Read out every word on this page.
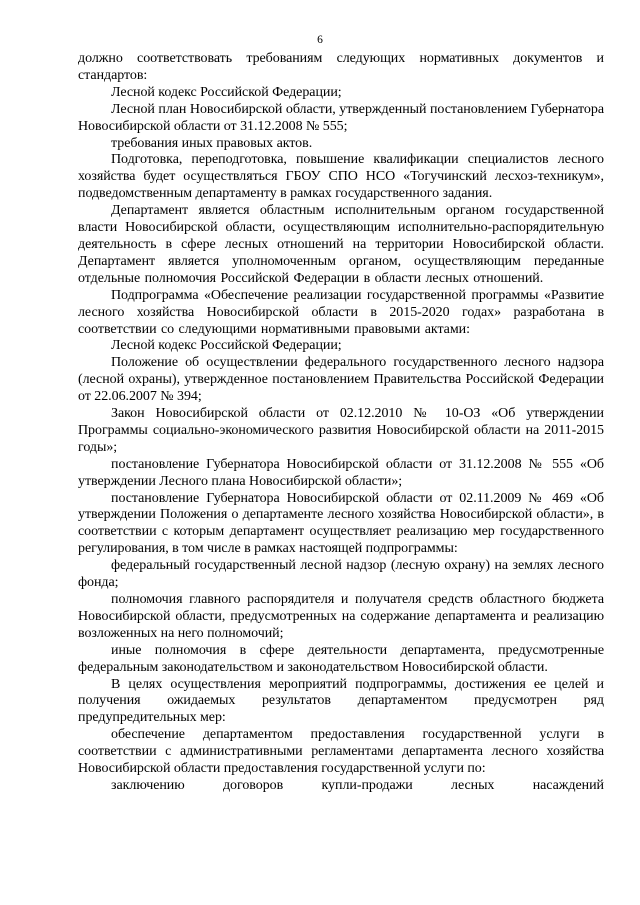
6

должно соответствовать требованиям следующих нормативных документов и стандартов:

Лесной кодекс Российской Федерации;

Лесной план Новосибирской области, утвержденный постановлением Губернатора Новосибирской области от 31.12.2008 № 555;

требования иных правовых актов.

Подготовка, переподготовка, повышение квалификации специалистов лесного хозяйства будет осуществляться ГБОУ СПО НСО «Тогучинский лесхоз-техникум», подведомственным департаменту в рамках государственного задания.

Департамент является областным исполнительным органом государственной власти Новосибирской области, осуществляющим исполнительно-распорядительную деятельность в сфере лесных отношений на территории Новосибирской области. Департамент является уполномоченным органом, осуществляющим переданные отдельные полномочия Российской Федерации в области лесных отношений.

Подпрограмма «Обеспечение реализации государственной программы «Развитие лесного хозяйства Новосибирской области в 2015-2020 годах» разработана в соответствии со следующими нормативными правовыми актами:

Лесной кодекс Российской Федерации;

Положение об осуществлении федерального государственного лесного надзора (лесной охраны), утвержденное постановлением Правительства Российской Федерации от 22.06.2007 № 394;

Закон Новосибирской области от 02.12.2010 № 10-ОЗ «Об утверждении Программы социально-экономического развития Новосибирской области на 2011-2015 годы»;

постановление Губернатора Новосибирской области от 31.12.2008 № 555 «Об утверждении Лесного плана Новосибирской области»;

постановление Губернатора Новосибирской области от 02.11.2009 № 469 «Об утверждении Положения о департаменте лесного хозяйства Новосибирской области», в соответствии с которым департамент осуществляет реализацию мер государственного регулирования, в том числе в рамках настоящей подпрограммы:

федеральный государственный лесной надзор (лесную охрану) на землях лесного фонда;

полномочия главного распорядителя и получателя средств областного бюджета Новосибирской области, предусмотренных на содержание департамента и реализацию возложенных на него полномочий;

иные полномочия в сфере деятельности департамента, предусмотренные федеральным законодательством и законодательством Новосибирской области.

В целях осуществления мероприятий подпрограммы, достижения ее целей и получения ожидаемых результатов департаментом предусмотрен ряд предупредительных мер:

обеспечение департаментом предоставления государственной услуги в соответствии с административными регламентами департамента лесного хозяйства Новосибирской области предоставления государственной услуги по:

заключению договоров купли-продажи лесных насаждений
